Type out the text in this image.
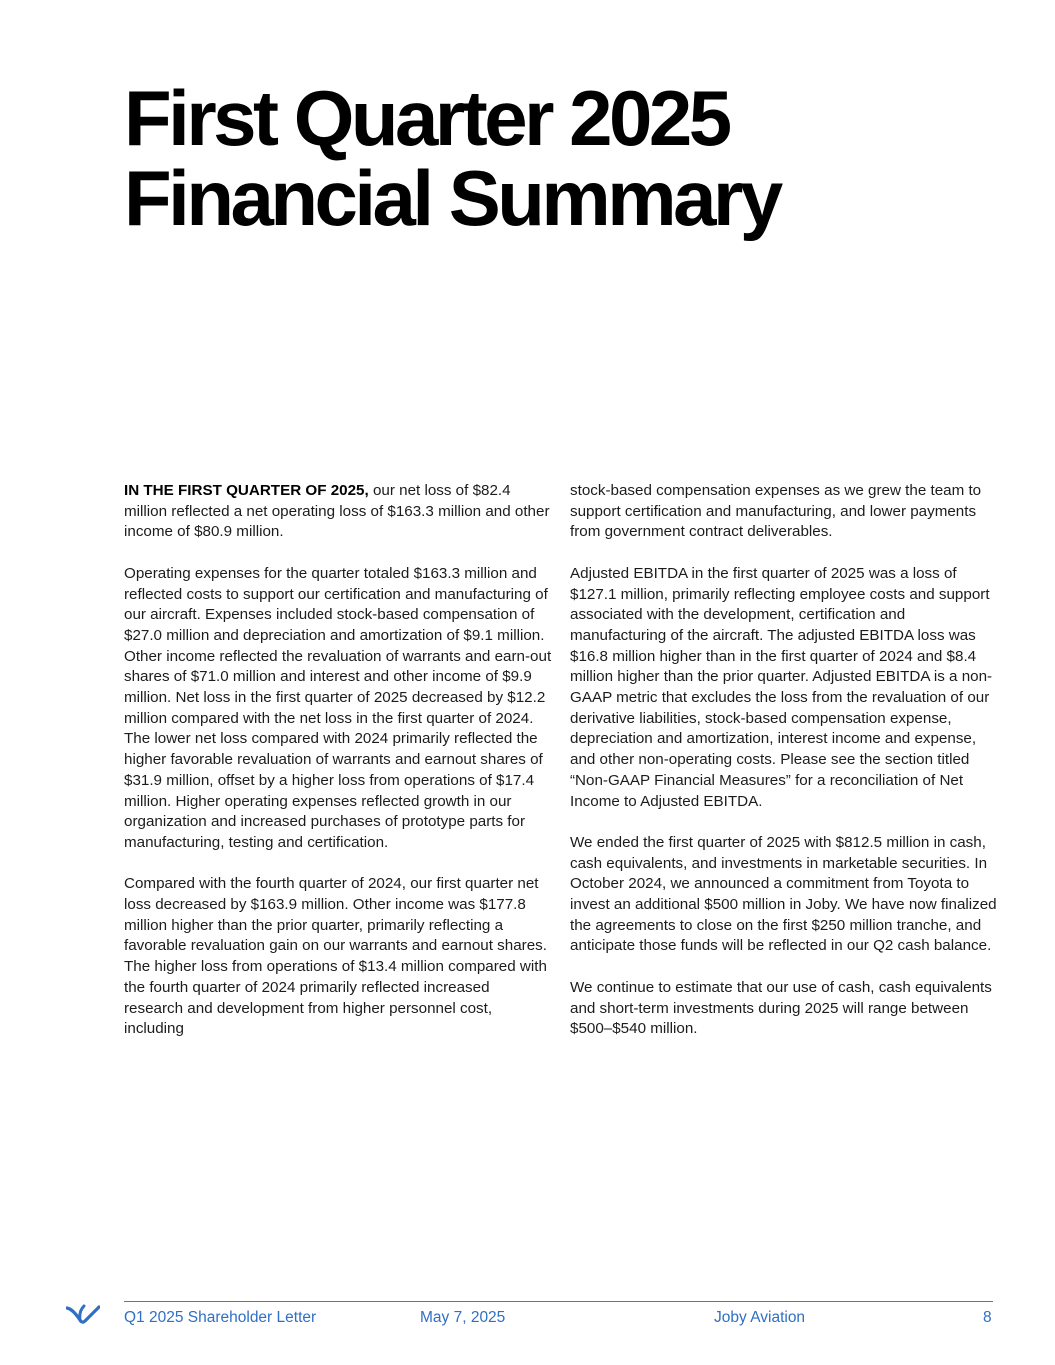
First Quarter 2025
Financial Summary

IN THE FIRST QUARTER OF 2025, our net loss of $82.4 million reflected a net operating loss of $163.3 million and other income of $80.9 million.

Operating expenses for the quarter totaled $163.3 million and reflected costs to support our certification and manufacturing of our aircraft. Expenses included stock-based compensation of $27.0 million and depreciation and amortization of $9.1 million. Other income reflected the revaluation of warrants and earn-out shares of $71.0 million and interest and other income of $9.9 million. Net loss in the first quarter of 2025 decreased by $12.2 million compared with the net loss in the first quarter of 2024. The lower net loss compared with 2024 primarily reflected the higher favorable revaluation of warrants and earnout shares of $31.9 million, offset by a higher loss from operations of $17.4 million. Higher operating expenses reflected growth in our organization and increased purchases of prototype parts for manufacturing, testing and certification.

Compared with the fourth quarter of 2024, our first quarter net loss decreased by $163.9 million. Other income was $177.8 million higher than the prior quarter, primarily reflecting a favorable revaluation gain on our warrants and earnout shares. The higher loss from operations of $13.4 million compared with the fourth quarter of 2024 primarily reflected increased research and development from higher personnel cost, including

stock-based compensation expenses as we grew the team to support certification and manufacturing, and lower payments from government contract deliverables.

Adjusted EBITDA in the first quarter of 2025 was a loss of $127.1 million, primarily reflecting employee costs and support associated with the development, certification and manufacturing of the aircraft. The adjusted EBITDA loss was $16.8 million higher than in the first quarter of 2024 and $8.4 million higher than the prior quarter. Adjusted EBITDA is a non-GAAP metric that excludes the loss from the revaluation of our derivative liabilities, stock-based compensation expense, depreciation and amortization, interest income and expense, and other non-operating costs. Please see the section titled “Non-GAAP Financial Measures” for a reconciliation of Net Income to Adjusted EBITDA.

We ended the first quarter of 2025 with $812.5 million in cash, cash equivalents, and investments in marketable securities. In October 2024, we announced a commitment from Toyota to invest an additional $500 million in Joby. We have now finalized the agreements to close on the first $250 million tranche, and anticipate those funds will be reflected in our Q2 cash balance.

We continue to estimate that our use of cash, cash equivalents and short-term investments during 2025 will range between $500–$540 million.

Q1 2025 Shareholder Letter	May 7, 2025	Joby Aviation	8
